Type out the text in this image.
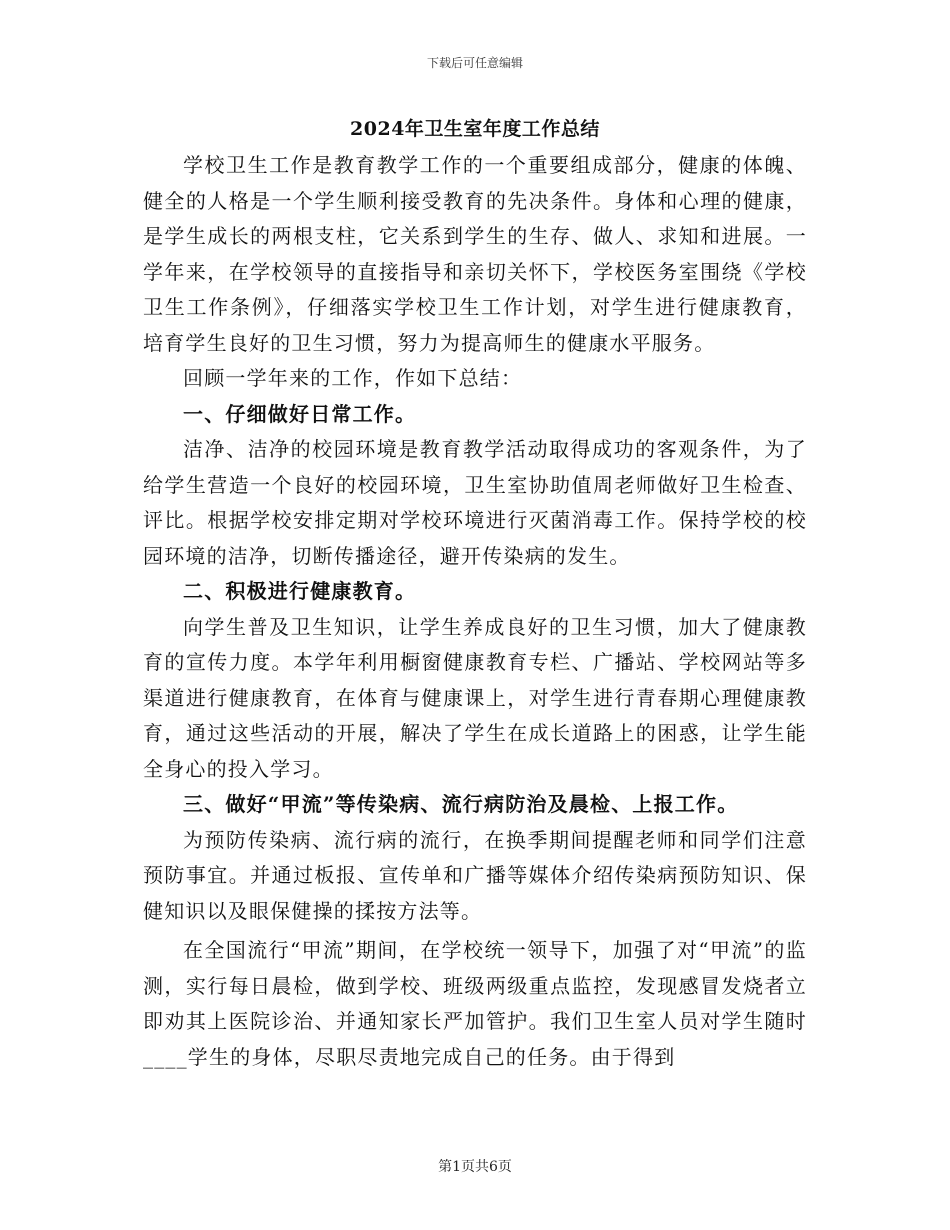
下载后可任意编辑
2024年卫生室年度工作总结

学校卫生工作是教育教学工作的一个重要组成部分，健康的体魄、健全的人格是一个学生顺利接受教育的先决条件。身体和心理的健康，是学生成长的两根支柱，它关系到学生的生存、做人、求知和进展。一学年来，在学校领导的直接指导和亲切关怀下，学校医务室围绕《学校卫生工作条例》，仔细落实学校卫生工作计划，对学生进行健康教育，培育学生良好的卫生习惯，努力为提高师生的健康水平服务。

回顾一学年来的工作，作如下总结：

一、仔细做好日常工作。

洁净、洁净的校园环境是教育教学活动取得成功的客观条件，为了给学生营造一个良好的校园环境，卫生室协助值周老师做好卫生检查、评比。根据学校安排定期对学校环境进行灭菌消毒工作。保持学校的校园环境的洁净，切断传播途径，避开传染病的发生。

二、积极进行健康教育。

向学生普及卫生知识，让学生养成良好的卫生习惯，加大了健康教育的宣传力度。本学年利用橱窗健康教育专栏、广播站、学校网站等多渠道进行健康教育，在体育与健康课上，对学生进行青春期心理健康教育，通过这些活动的开展，解决了学生在成长道路上的困惑，让学生能全身心的投入学习。

三、做好“甲流”等传染病、流行病防治及晨检、上报工作。

为预防传染病、流行病的流行，在换季期间提醒老师和同学们注意预防事宜。并通过板报、宣传单和广播等媒体介绍传染病预防知识、保健知识以及眼保健操的揉按方法等。

在全国流行“甲流”期间，在学校统一领导下，加强了对“甲流”的监测，实行每日晨检，做到学校、班级两级重点监控，发现感冒发烧者立即劝其上医院诊治、并通知家长严加管护。我们卫生室人员对学生随时____学生的身体，尽职尽责地完成自己的任务。由于得到

第1页共6页
